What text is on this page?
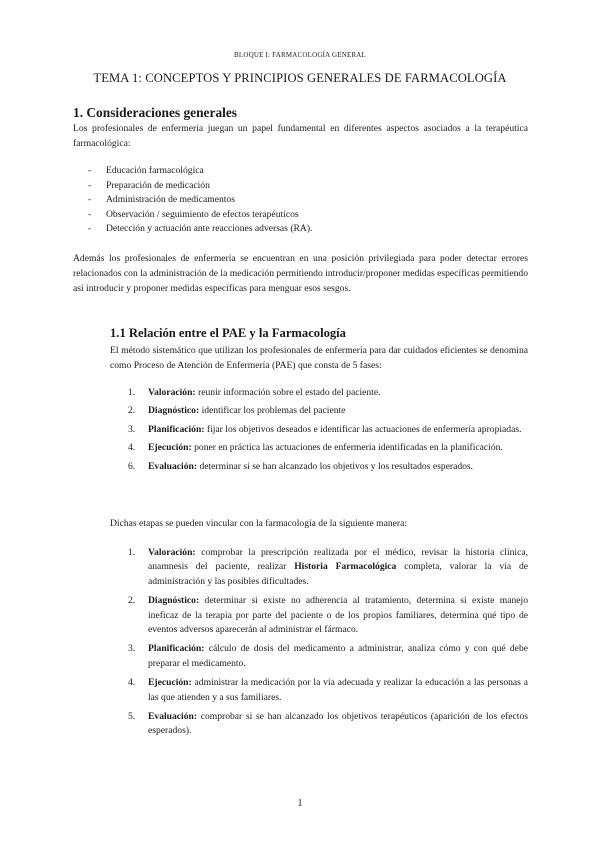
BLOQUE I: FARMACOLOGÍA GENERAL
TEMA 1: CONCEPTOS Y PRINCIPIOS GENERALES DE FARMACOLOGÍA
1. Consideraciones generales
Los profesionales de enfermería juegan un papel fundamental en diferentes aspectos asociados a la terapéutica farmacológica:
- Educación farmacológica
- Preparación de medicación
- Administración de medicamentos
- Observación / seguimiento de efectos terapéuticos
- Detección y actuación ante reacciones adversas (RA).
Además los profesionales de enfermería se encuentran en una posición privilegiada para poder detectar errores relacionados con la administración de la medicación permitiendo introducir/proponer medidas específicas permitiendo así introducir y proponer medidas específicas para menguar esos sesgos.
1.1 Relación entre el PAE y la Farmacología
El método sistemático que utilizan los profesionales de enfermería para dar cuidados eficientes se denomina como Proceso de Atención de Enfermería (PAE) que consta de 5 fases:
1. Valoración: reunir información sobre el estado del paciente.
2. Diagnóstico: identificar los problemas del paciente
3. Planificación: fijar los objetivos deseados e identificar las actuaciones de enfermería apropiadas.
4. Ejecución: poner en práctica las actuaciones de enfermería identificadas en la planificación.
6. Evaluación: determinar si se han alcanzado los objetivos y los resultados esperados.
Dichas etapas se pueden vincular con la farmacología de la siguiente manera:
1. Valoración: comprobar la prescripción realizada por el médico, revisar la historia clínica, anamnesis del paciente, realizar Historia Farmacológica completa, valorar la vía de administración y las posibles dificultades.
2. Diagnóstico: determinar si existe no adherencia al tratamiento, determina si existe manejo ineficaz de la terapia por parte del paciente o de los propios familiares, determina qué tipo de eventos adversos aparecerán al administrar el fármaco.
3. Planificación: cálculo de dosis del medicamento a administrar, analiza cómo y con qué debe preparar el medicamento.
4. Ejecución: administrar la medicación por la vía adecuada y realizar la educación a las personas a las que atienden y a sus familiares.
5. Evaluación: comprobar si se han alcanzado los objetivos terapéuticos (aparición de los efectos esperados).
1
